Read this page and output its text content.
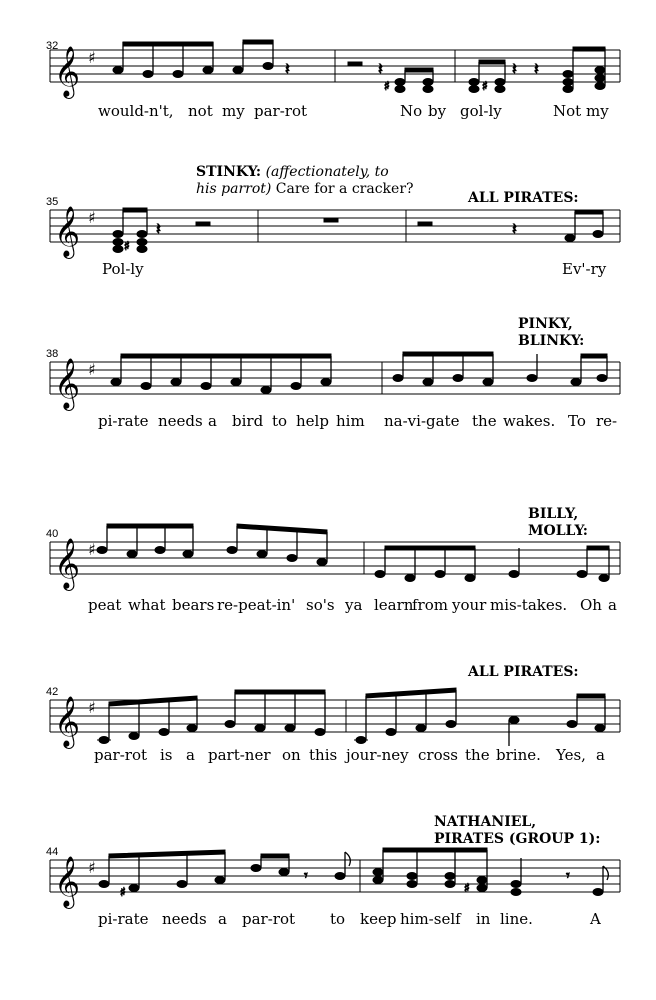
32
𝄞 ♯
𝄽	𝄽
♯	♯
𝄽 𝄽
would-n't, not my par-rot	No by gol-ly	Not my
STINKY: (affectionately, to
his parrot) Care for a cracker?
ALL PIRATES:
35
𝄞 ♯
♯
𝄽	𝄽
Pol-ly	Ev'-ry
PINKY,
BLINKY:
38
𝄞 ♯
pi-rate needs a bird to help him na-vi-gate the wakes. To re-
BILLY,
MOLLY:
40
𝄞 ♯
peat what bears re-peat-in' so's ya learn
from your mis-takes. Oh a
ALL PIRATES:
42
𝄞 ♯
par-rot is a part-ner on this jour-ney cross the brine. Yes, a
NATHANIEL,
PIRATES (GROUP 1):
44
𝄞 ♯
♯
𝄾
♯
𝄾
pi-rate needs a par-rot to keep him-self in line.	A
